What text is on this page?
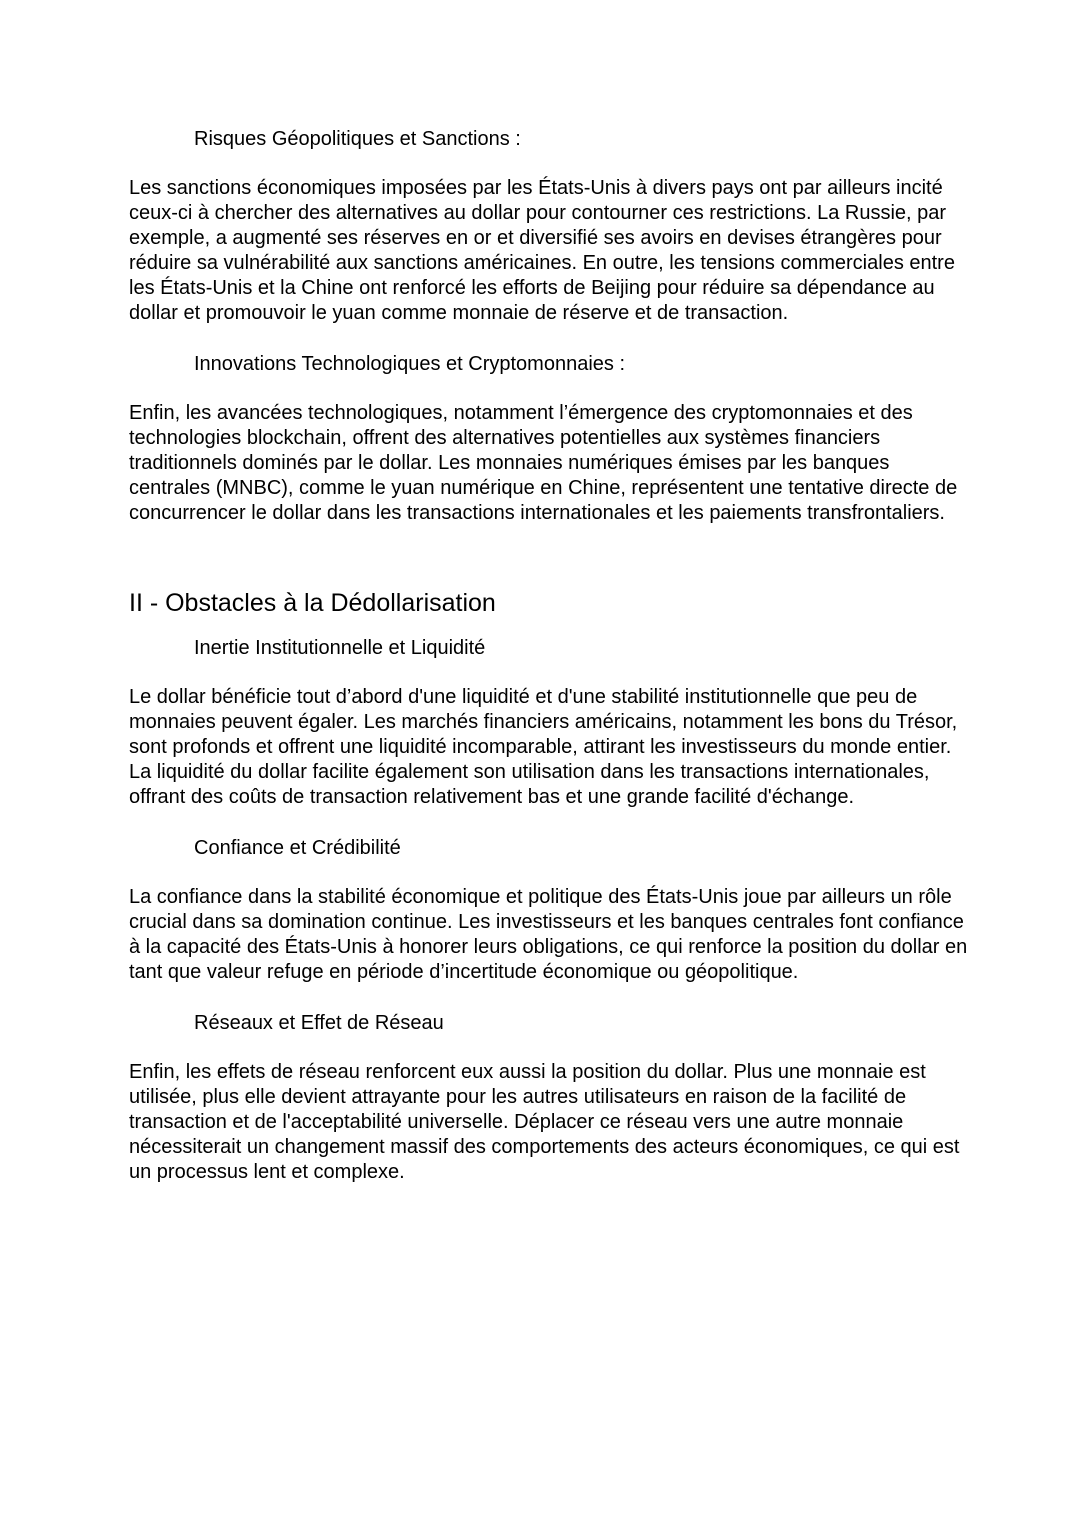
Risques Géopolitiques et Sanctions :

Les sanctions économiques imposées par les États-Unis à divers pays ont par ailleurs incité ceux-ci à chercher des alternatives au dollar pour contourner ces restrictions. La Russie, par exemple, a augmenté ses réserves en or et diversifié ses avoirs en devises étrangères pour réduire sa vulnérabilité aux sanctions américaines. En outre, les tensions commerciales entre les États-Unis et la Chine ont renforcé les efforts de Beijing pour réduire sa dépendance au dollar et promouvoir le yuan comme monnaie de réserve et de transaction.

Innovations Technologiques et Cryptomonnaies :

Enfin, les avancées technologiques, notamment l’émergence des cryptomonnaies et des technologies blockchain, offrent des alternatives potentielles aux systèmes financiers traditionnels dominés par le dollar. Les monnaies numériques émises par les banques centrales (MNBC), comme le yuan numérique en Chine, représentent une tentative directe de concurrencer le dollar dans les transactions internationales et les paiements transfrontaliers.

II - Obstacles à la Dédollarisation
Inertie Institutionnelle et Liquidité

Le dollar bénéficie tout d’abord d'une liquidité et d'une stabilité institutionnelle que peu de monnaies peuvent égaler. Les marchés financiers américains, notamment les bons du Trésor, sont profonds et offrent une liquidité incomparable, attirant les investisseurs du monde entier. La liquidité du dollar facilite également son utilisation dans les transactions internationales, offrant des coûts de transaction relativement bas et une grande facilité d'échange.

Confiance et Crédibilité

La confiance dans la stabilité économique et politique des États-Unis joue par ailleurs un rôle crucial dans sa domination continue. Les investisseurs et les banques centrales font confiance à la capacité des États-Unis à honorer leurs obligations, ce qui renforce la position du dollar en tant que valeur refuge en période d’incertitude économique ou géopolitique.

Réseaux et Effet de Réseau

Enfin, les effets de réseau renforcent eux aussi la position du dollar. Plus une monnaie est utilisée, plus elle devient attrayante pour les autres utilisateurs en raison de la facilité de transaction et de l'acceptabilité universelle. Déplacer ce réseau vers une autre monnaie nécessiterait un changement massif des comportements des acteurs économiques, ce qui est un processus lent et complexe.
